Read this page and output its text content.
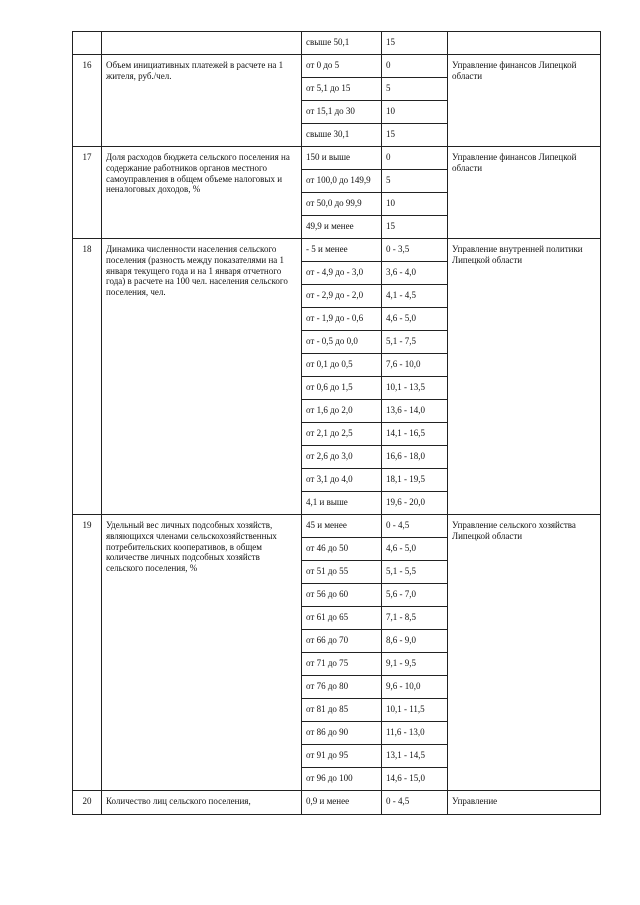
		свыше 50,1	15	
16	Объем инициативных платежей в расчете на 1 жителя, руб./чел.	от 0 до 5	0	Управление финансов Липецкой области
		от 5,1 до 15	5	
		от 15,1 до 30	10	
		свыше 30,1	15	
17	Доля расходов бюджета сельского поселения на содержание работников органов местного самоуправления в общем объеме налоговых и неналоговых доходов, %	150 и выше	0	Управление финансов Липецкой области
		от 100,0 до 149,9	5	
		от 50,0 до 99,9	10	
		49,9 и менее	15	
18	Динамика численности населения сельского поселения (разность между показателями на 1 января текущего года и на 1 января отчетного года) в расчете на 100 чел. населения сельского поселения, чел.	- 5 и менее	0 - 3,5	Управление внутренней политики Липецкой области
		от - 4,9 до - 3,0	3,6 - 4,0	
		от - 2,9 до - 2,0	4,1 - 4,5	
		от - 1,9 до - 0,6	4,6 - 5,0	
		от - 0,5 до 0,0	5,1 - 7,5	
		от 0,1 до 0,5	7,6 - 10,0	
		от 0,6 до 1,5	10,1 - 13,5	
		от 1,6 до 2,0	13,6 - 14,0	
		от 2,1 до 2,5	14,1 - 16,5	
		от 2,6 до 3,0	16,6 - 18,0	
		от 3,1 до 4,0	18,1 - 19,5	
		4,1 и выше	19,6 - 20,0	
19	Удельный вес личных подсобных хозяйств, являющихся членами сельскохозяйственных потребительских кооперативов, в общем количестве личных подсобных хозяйств сельского поселения, %	45 и менее	0 - 4,5	Управление сельского хозяйства Липецкой области
		от 46 до 50	4,6 - 5,0	
		от 51 до 55	5,1 - 5,5	
		от 56 до 60	5,6 - 7,0	
		от 61 до 65	7,1 - 8,5	
		от 66 до 70	8,6 - 9,0	
		от 71 до 75	9,1 - 9,5	
		от 76 до 80	9,6 - 10,0	
		от 81 до 85	10,1 - 11,5	
		от 86 до 90	11,6 - 13,0	
		от 91 до 95	13,1 - 14,5	
		от 96 до 100	14,6 - 15,0	
20	Количество лиц сельского поселения,	0,9 и менее	0 - 4,5	Управление
